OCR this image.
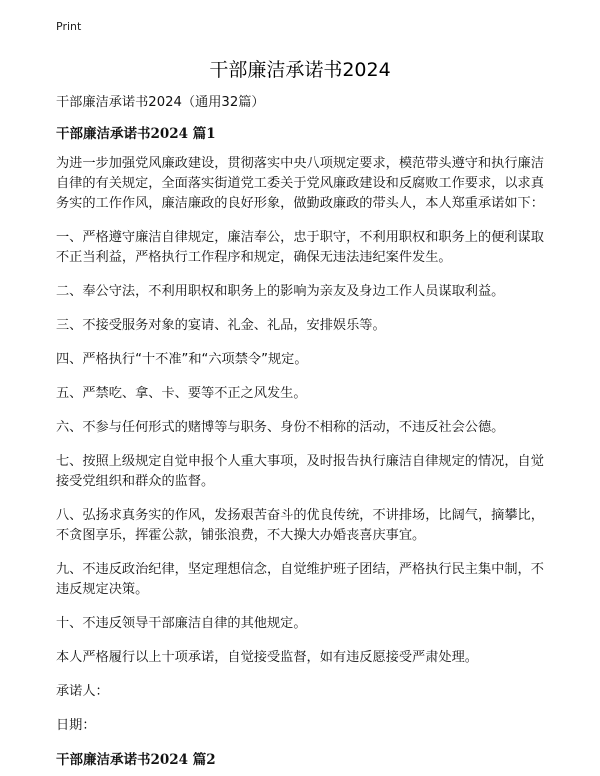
Print
干部廉洁承诺书2024

干部廉洁承诺书2024（通用32篇）

干部廉洁承诺书2024 篇1

为进一步加强党风廉政建设，贯彻落实中央八项规定要求，模范带头遵守和执行廉洁自律的有关规定，全面落实街道党工委关于党风廉政建设和反腐败工作要求，以求真务实的工作作风，廉洁廉政的良好形象，做勤政廉政的带头人，本人郑重承诺如下：

一、严格遵守廉洁自律规定，廉洁奉公，忠于职守，不利用职权和职务上的便利谋取不正当利益，严格执行工作程序和规定，确保无违法违纪案件发生。

二、奉公守法，不利用职权和职务上的影响为亲友及身边工作人员谋取利益。

三、不接受服务对象的宴请、礼金、礼品，安排娱乐等。

四、严格执行“十不准”和“六项禁令”规定。

五、严禁吃、拿、卡、要等不正之风发生。

六、不参与任何形式的赌博等与职务、身份不相称的活动，不违反社会公德。

七、按照上级规定自觉申报个人重大事项，及时报告执行廉洁自律规定的情况，自觉接受党组织和群众的监督。

八、弘扬求真务实的作风，发扬艰苦奋斗的优良传统，不讲排场，比阔气，摘攀比，不贪图享乐，挥霍公款，铺张浪费，不大操大办婚丧喜庆事宜。

九、不违反政治纪律，坚定理想信念，自觉维护班子团结，严格执行民主集中制，不违反规定决策。

十、不违反领导干部廉洁自律的其他规定。

本人严格履行以上十项承诺，自觉接受监督，如有违反愿接受严肃处理。

承诺人：

日期：

干部廉洁承诺书2024 篇2
